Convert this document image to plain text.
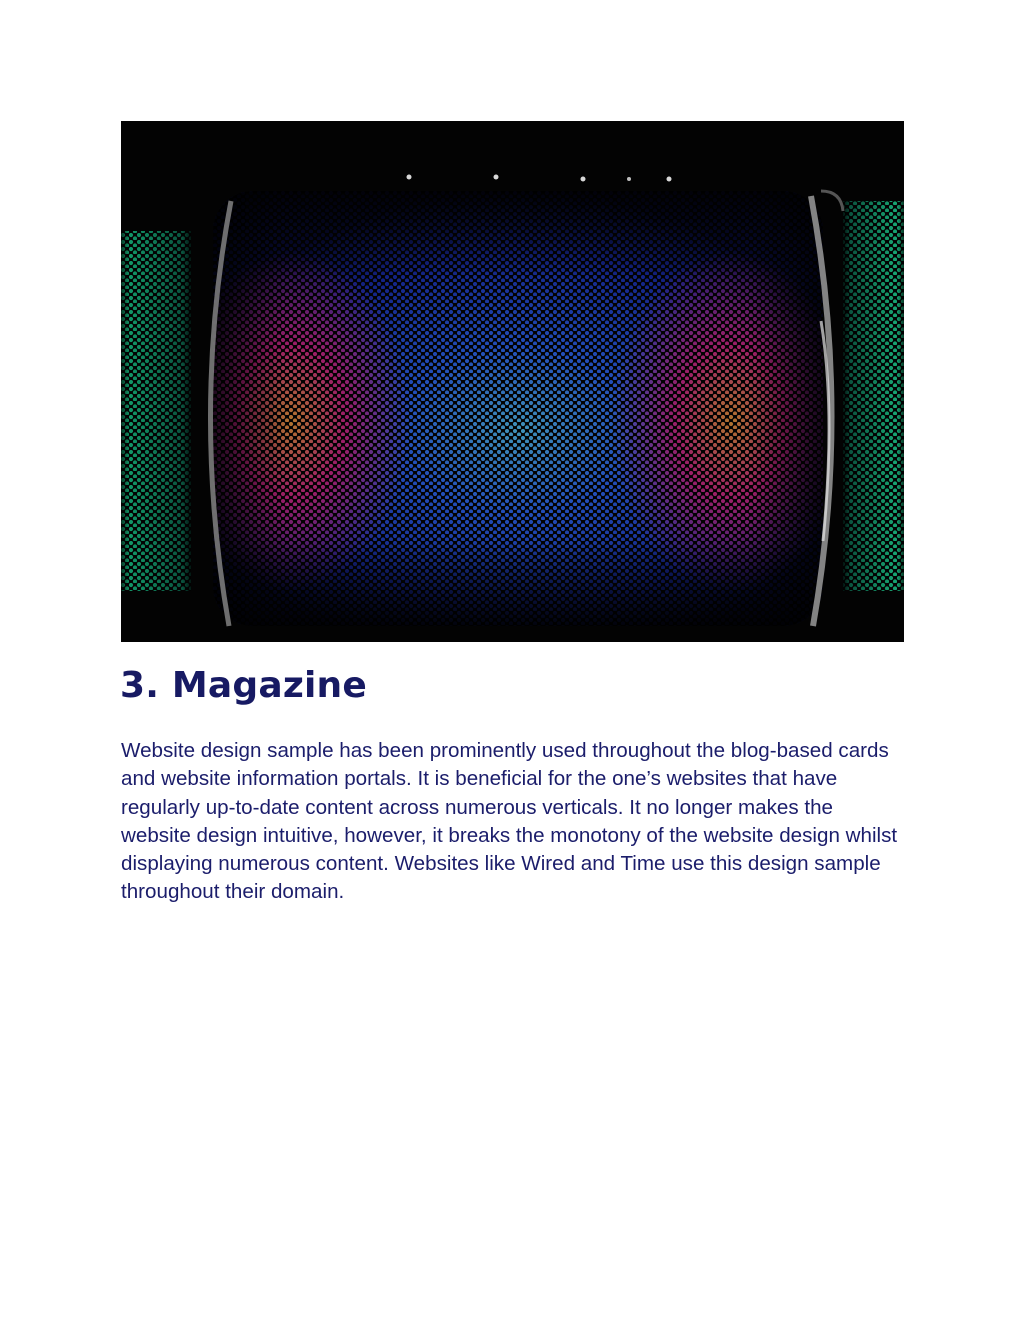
3. Magazine

Website design sample has been prominently used throughout the blog-based cards and website information portals. It is beneficial for the one’s websites that have regularly up-to-date content across numerous verticals. It no longer makes the website design intuitive, however, it breaks the monotony of the website design whilst displaying numerous content. Websites like Wired and Time use this design sample throughout their domain.
